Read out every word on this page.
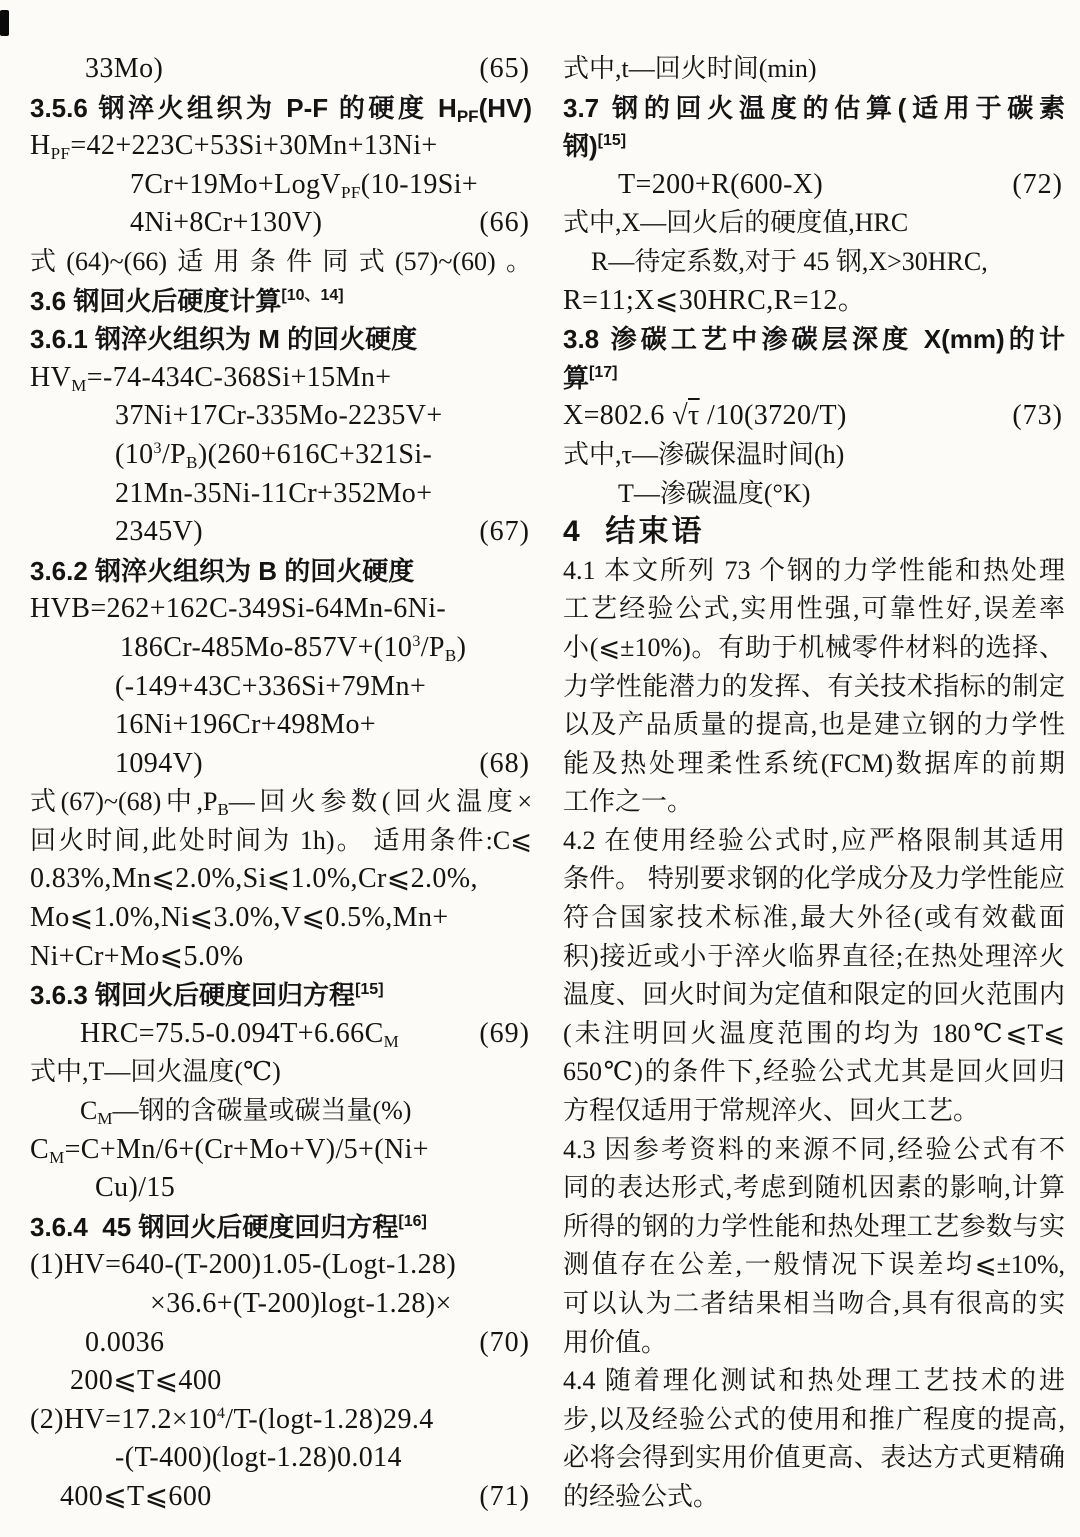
33Mo)	(65)
3.5.6 钢淬火组织为 P-F 的硬度 $H_{PF}(HV)$
$H_{PF}=42+223C+53Si+30Mn+13Ni+$
7Cr+19Mo+LogV$_{PF}$(10-19Si+
4Ni+8Cr+130V)	(66)
式(64)~(66)适用条件同式(57)~(60)。
3.6 钢回火后硬度计算[10、14]
3.6.1 钢淬火组织为 M 的回火硬度
$HV_M=-74-434C-368Si+15Mn+$
37Ni+17Cr-335Mo-2235V+
$(10^3/P_B)(260+616C+321Si-$
21Mn-35Ni-11Cr+352Mo+
2345V)	(67)
3.6.2 钢淬火组织为 B 的回火硬度
HVB=262+162C-349Si-64Mn-6Ni-
$186Cr-485Mo-857V+(10^3/P_B)$
(-149+43C+336Si+79Mn+
16Ni+196Cr+498Mo+
1094V)	(68)
式(67)~(68)中$,P_B—$回火参数(回火温度×
回火时间,此处时间为 1h)。 适用条件:C⩽
0.83%,Mn⩽2.0%,Si⩽1.0%,Cr⩽2.0%,
Mo⩽1.0%,Ni⩽3.0%,V⩽0.5%,Mn+
Ni+Cr+Mo⩽5.0%
3.6.3 钢回火后硬度回归方程[15]
$HRC=75.5-0.094T+6.66C_M$	(69)
式中,T—回火温度(℃)
$C_M—$钢的含碳量或碳当量(%)
$C_M=C+Mn/6+(Cr+Mo+V)/5+(Ni+$
Cu)/15
3.6.4  45 钢回火后硬度回归方程[16]
(1)HV=640-(T-200)1.05-(Logt-1.28)
×36.6+(T-200)logt-1.28)×
0.0036	(70)
200⩽T⩽400
$(2)HV=17.2\times 10^4/T-(\log t-1.28)29.4$
-(T-400)(logt-1.28)0.014
400⩽T⩽600	(71)
式中,t—回火时间(min)
3.7 钢的回火温度的估算(适用于碳素
钢)[15]
T=200+R(600-X)	(72)
式中,X—回火后的硬度值,HRC
R—待定系数,对于 45 钢,X>30HRC,
R=11;X⩽30HRC,R=12。
3.8 渗碳工艺中渗碳层深度 X(mm)的计
算[17]
X=802.6 √τ /10(3720/T)	(73)
式中,τ—渗碳保温时间(h)
T—渗碳温度(°K)
4  结束语
4.1 本文所列 73 个钢的力学性能和热处理
工艺经验公式,实用性强,可靠性好,误差率
小(⩽±10%)。有助于机械零件材料的选择、
力学性能潜力的发挥、有关技术指标的制定
以及产品质量的提高,也是建立钢的力学性
能及热处理柔性系统(FCM)数据库的前期
工作之一。
4.2 在使用经验公式时,应严格限制其适用
条件。 特别要求钢的化学成分及力学性能应
符合国家技术标准,最大外径(或有效截面
积)接近或小于淬火临界直径;在热处理淬火
温度、回火时间为定值和限定的回火范围内
(未注明回火温度范围的均为 180℃⩽T⩽
650℃)的条件下,经验公式尤其是回火回归
方程仅适用于常规淬火、回火工艺。
4.3 因参考资料的来源不同,经验公式有不
同的表达形式,考虑到随机因素的影响,计算
所得的钢的力学性能和热处理工艺参数与实
测值存在公差,一般情况下误差均⩽±10%,
可以认为二者结果相当吻合,具有很高的实
用价值。
4.4 随着理化测试和热处理工艺技术的进
步,以及经验公式的使用和推广程度的提高,
必将会得到实用价值更高、表达方式更精确
的经验公式。
